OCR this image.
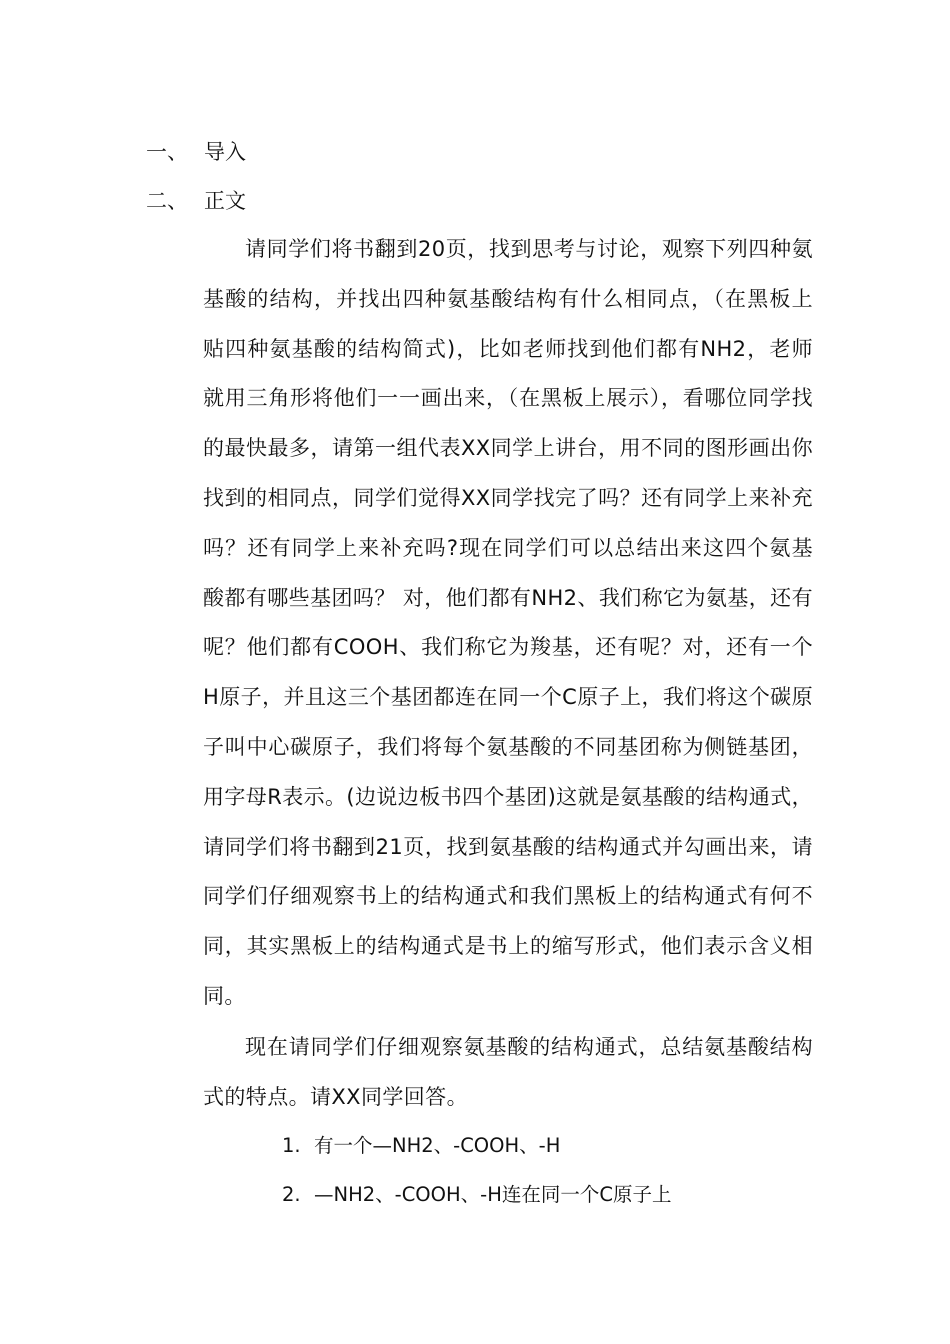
一、 导入
二、 正文

请同学们将书翻到20页，找到思考与讨论，观察下列四种氨基酸的结构，并找出四种氨基酸结构有什么相同点，（在黑板上贴四种氨基酸的结构简式)，比如老师找到他们都有NH2，老师就用三角形将他们一一画出来，（在黑板上展示），看哪位同学找的最快最多，请第一组代表XX同学上讲台，用不同的图形画出你找到的相同点，同学们觉得XX同学找完了吗？还有同学上来补充吗？还有同学上来补充吗?现在同学们可以总结出来这四个氨基酸都有哪些基团吗？ 对，他们都有NH2、我们称它为氨基，还有呢？他们都有COOH、我们称它为羧基，还有呢？对，还有一个H原子，并且这三个基团都连在同一个C原子上，我们将这个碳原子叫中心碳原子，我们将每个氨基酸的不同基团称为侧链基团，用字母R表示。(边说边板书四个基团)这就是氨基酸的结构通式，请同学们将书翻到21页，找到氨基酸的结构通式并勾画出来，请同学们仔细观察书上的结构通式和我们黑板上的结构通式有何不同，其实黑板上的结构通式是书上的缩写形式，他们表示含义相同。

现在请同学们仔细观察氨基酸的结构通式，总结氨基酸结构式的特点。请XX同学回答。

1. 有一个—NH2、-COOH、-H
2. —NH2、-COOH、-H连在同一个C原子上
